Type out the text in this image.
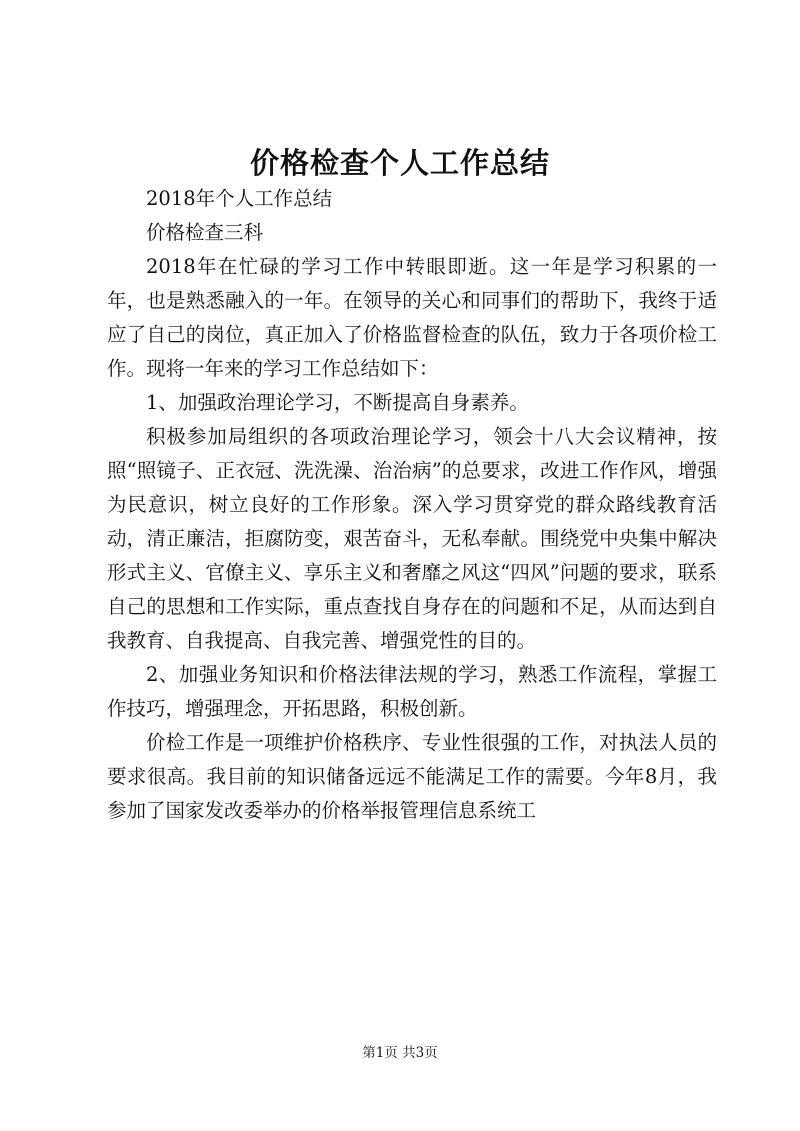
价格检查个人工作总结

2018年个人工作总结

价格检查三科

2018年在忙碌的学习工作中转眼即逝。这一年是学习积累的一年，也是熟悉融入的一年。在领导的关心和同事们的帮助下，我终于适应了自己的岗位，真正加入了价格监督检查的队伍，致力于各项价检工作。现将一年来的学习工作总结如下：

1、加强政治理论学习，不断提高自身素养。

积极参加局组织的各项政治理论学习，领会十八大会议精神，按照“照镜子、正衣冠、洗洗澡、治治病”的总要求，改进工作作风，增强为民意识，树立良好的工作形象。深入学习贯穿党的群众路线教育活动，清正廉洁，拒腐防变，艰苦奋斗，无私奉献。围绕党中央集中解决形式主义、官僚主义、享乐主义和奢靡之风这“四风”问题的要求，联系自己的思想和工作实际，重点查找自身存在的问题和不足，从而达到自我教育、自我提高、自我完善、增强党性的目的。

2、加强业务知识和价格法律法规的学习，熟悉工作流程，掌握工作技巧，增强理念，开拓思路，积极创新。

价检工作是一项维护价格秩序、专业性很强的工作，对执法人员的要求很高。我目前的知识储备远远不能满足工作的需要。今年8月，我参加了国家发改委举办的价格举报管理信息系统工

第1页 共3页
